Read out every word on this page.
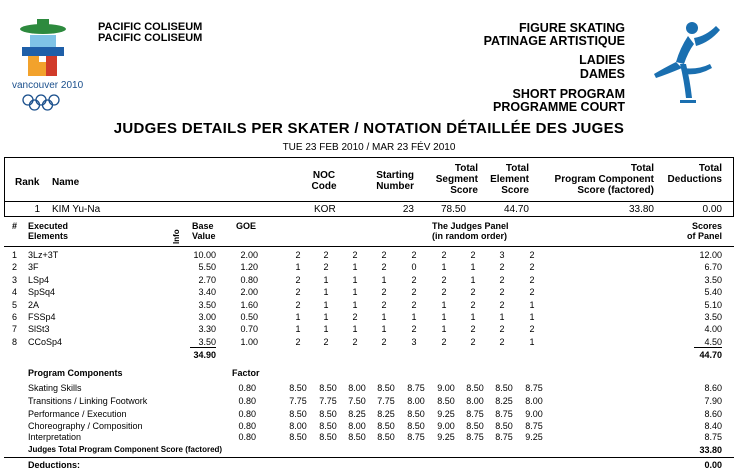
vancouver 2010
PACIFIC COLISEUM
PACIFIC COLISEUM
FIGURE SKATING
PATINAGE ARTISTIQUE
LADIES
DAMES
SHORT PROGRAM
PROGRAMME COURT
JUDGES DETAILS PER SKATER / NOTATION DÉTAILLÉE DES JUGES
TUE 23 FEB 2010 / MAR 23 FÉV 2010
Rank Name
NOC
Code
Starting
Number
Total
Segment
Score
Total
Element
Score
Total
Program Component
Score (factored)
Total
Deductions
1 KIM Yu-Na	KOR	23	78.50	44.70	33.80	0.00
# Executed
Elements	Info
Base
Value
GOE	The Judges Panel
(in random order)
Scores
of Panel
1 3Lz+3T	10.00	2.00	2	2	2	2	2	2	2	3	2	12.00
2 3F	5.50	1.20	1	2	1	2	0	1	1	2	2	6.70
3 LSp4	2.70	0.80	2	1	1	1	2	2	1	2	2	3.50
4 SpSq4	3.40	2.00	2	1	1	2	2	2	2	2	2	5.40
5 2A	3.50	1.60	2	1	1	2	2	1	2	2	1	5.10
6 FSSp4	3.00	0.50	1	1	2	1	1	1	1	1	1	3.50
7 SlSt3	3.30	0.70	1	1	1	1	2	1	2	2	2	4.00
8 CCoSp4	3.50	1.00	2	2	2	2	3	2	2	2	1	4.50
34.90	44.70
Program Components	Factor
Skating Skills	0.80	8.50	8.50	8.00	8.50	8.75	9.00	8.50	8.50	8.75	8.60
Transitions / Linking Footwork	0.80	7.75	7.75	7.50	7.75	8.00	8.50	8.00	8.25	8.00	7.90
Performance / Execution	0.80	8.50	8.50	8.25	8.25	8.50	9.25	8.75	8.75	9.00	8.60
Choreography / Composition	0.80	8.00	8.50	8.00	8.50	8.50	9.00	8.50	8.50	8.75	8.40
Interpretation	0.80	8.50	8.50	8.50	8.50	8.75	9.25	8.75	8.75	9.25	8.75
Judges Total Program Component Score (factored)	33.80
Deductions:	0.00
